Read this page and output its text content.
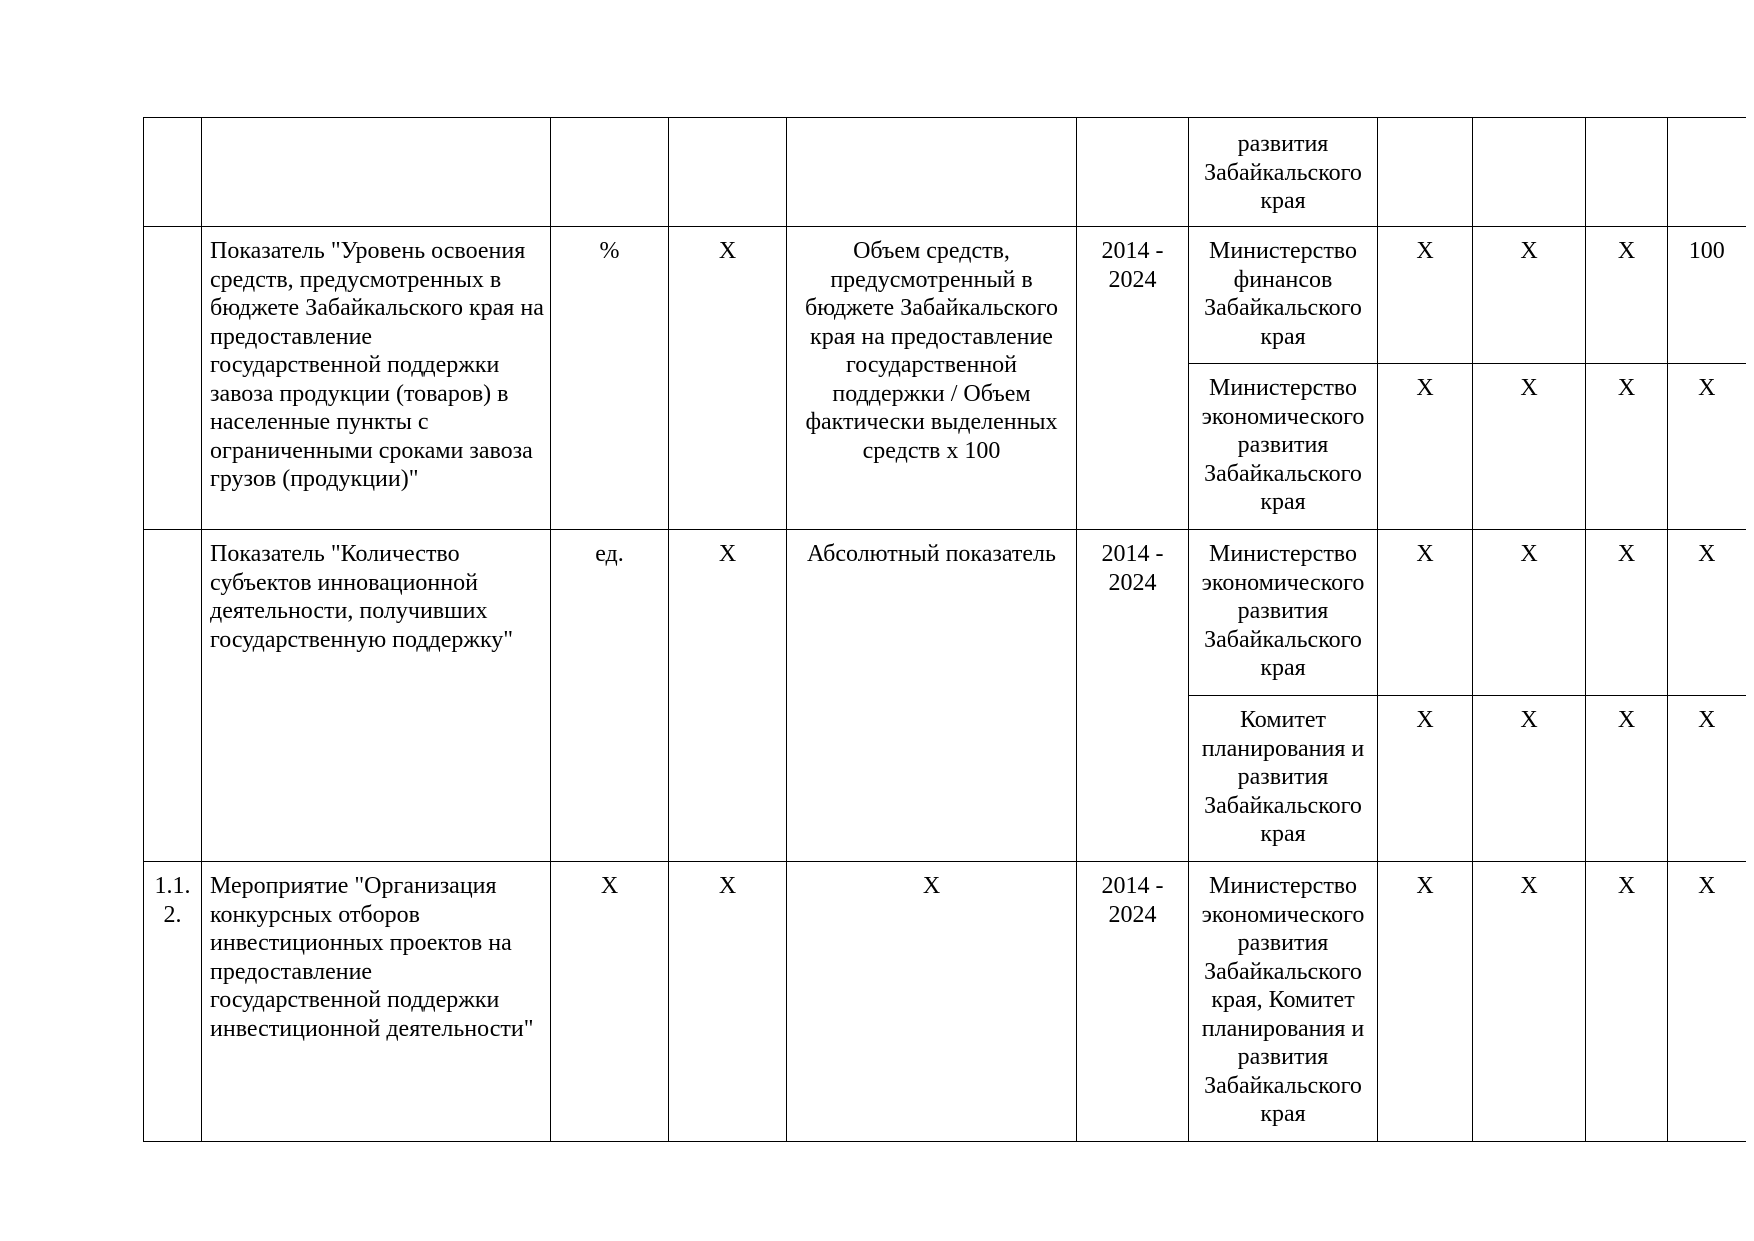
						развития Забайкальского края				
	Показатель "Уровень освоения средств, предусмотренных в бюджете Забайкальского края на предоставление государственной поддержки завоза продукции (товаров) в населенные пункты с ограниченными сроками завоза грузов (продукции)"	%	X	Объем средств, предусмотренный в бюджете Забайкальского края на предоставление государственной поддержки / Объем фактически выделенных средств х 100	2014 - 2024	Министерство финансов Забайкальского края	X	X	X	100
						Министерство экономического развития Забайкальского края	X	X	X	X
	Показатель "Количество субъектов инновационной деятельности, получивших государственную поддержку"	ед.	X	Абсолютный показатель	2014 - 2024	Министерство экономического развития Забайкальского края	X	X	X	X
						Комитет планирования и развития Забайкальского края	X	X	X	X
1.1. 2.	Мероприятие "Организация конкурсных отборов инвестиционных проектов на предоставление государственной поддержки инвестиционной деятельности"	X	X	X	2014 - 2024	Министерство экономического развития Забайкальского края, Комитет планирования и развития Забайкальского края	X	X	X	X
